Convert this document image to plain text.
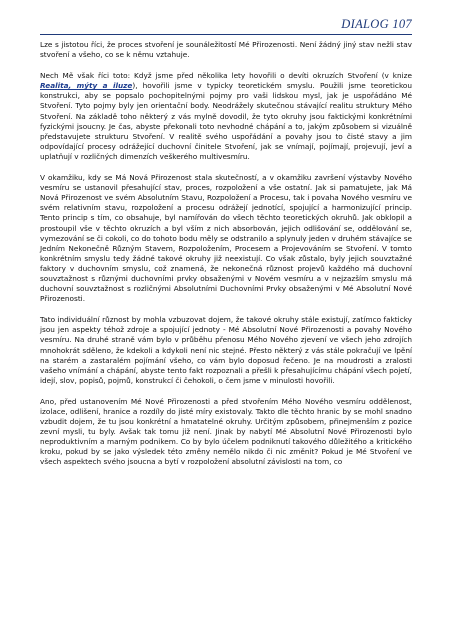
DIALOG 107

Lze s jistotou říci, že proces stvoření je sounáležitostí Mé Přirozenosti. Není žádný jiný stav nežli stav stvoření a všeho, co se k němu vztahuje.

Nech Mě však říci toto: Když jsme před několika lety hovořili o devíti okruzích Stvoření (v knize Realita, mýty a iluze), hovořili jsme v typicky teoretickém smyslu. Použili jsme teoretickou konstrukci, aby se popsalo pochopitelnými pojmy pro vaši lidskou mysl, jak je uspořádáno Mé Stvoření. Tyto pojmy byly jen orientační body. Neodrážely skutečnou stávající realitu struktury Mého Stvoření. Na základě toho některý z vás mylně dovodil, že tyto okruhy jsou faktickými konkrétními fyzickými jsoucny. Je čas, abyste překonali toto nevhodné chápání a to, jakým způsobem si vizuálně představujete strukturu Stvoření. V realitě svého uspořádání a povahy jsou to čisté stavy a jim odpovídající procesy odrážející duchovní činitele Stvoření, jak se vnímají, pojímají, projevují, jeví a uplatňují v rozličných dimenzích veškerého multivesmíru.

V okamžiku, kdy se Má Nová Přirozenost stala skutečností, a v okamžiku završení výstavby Nového vesmíru se ustanovil přesahující stav, proces, rozpoložení a vše ostatní. Jak si pamatujete, jak Má Nová Přirozenost ve svém Absolutním Stavu, Rozpoložení a Procesu, tak i povaha Nového vesmíru ve svém relativním stavu, rozpoložení a procesu odrážejí jednotící, spojující a harmonizující princip. Tento princip s tím, co obsahuje, byl namířován do všech těchto teoretických okruhů. Jak obklopil a prostoupil vše v těchto okruzích a byl vším z nich absorbován, jejich odlišování se, oddělování se, vymezování se či cokoli, co do tohoto bodu měly se odstranilo a splynuly jeden v druhém stávajíce se Jedním Nekonečně Různým Stavem, Rozpoložením, Procesem a Projevováním se Stvoření. V tomto konkrétním smyslu tedy žádné takové okruhy již neexistují. Co však zůstalo, byly jejich souvztažné faktory v duchovním smyslu, což znamená, že nekonečná různost projevů každého má duchovní souvztažnost s různými duchovními prvky obsaženými v Novém vesmíru a v nejzazším smyslu má duchovní souvztažnost s rozličnými Absolutními Duchovními Prvky obsaženými v Mé Absolutní Nové Přirozenosti.

Tato individuální různost by mohla vzbuzovat dojem, že takové okruhy stále existují, zatímco fakticky jsou jen aspekty téhož zdroje a spojující jednoty - Mé Absolutní Nové Přirozenosti a povahy Nového vesmíru. Na druhé straně vám bylo v průběhu přenosu Mého Nového zjevení ve všech jeho zdrojích mnohokrát sděleno, že kdekoli a kdykoli není nic stejné. Přesto některý z vás stále pokračují ve lpění na starém a zastaralém pojímání všeho, co vám bylo doposud řečeno. Je na moudrosti a zralosti vašeho vnímání a chápání, abyste tento fakt rozpoznali a přešli k přesahujícímu chápání všech pojetí, idejí, slov, popisů, pojmů, konstrukcí či čehokoli, o čem jsme v minulosti hovořili.

Ano, před ustanovením Mé Nové Přirozenosti a před stvořením Mého Nového vesmíru oddělenost, izolace, odlišení, hranice a rozdíly do jisté míry existovaly. Takto dle těchto hranic by se mohl snadno vzbudit dojem, že tu jsou konkrétní a hmatatelné okruhy. Určitým způsobem, přinejmenším z pozice zevní mysli, tu byly. Avšak tak tomu již není. Jinak by nabytí Mé Absolutní Nové Přirozenosti bylo neproduktivním a marným podnikem. Co by bylo účelem podniknutí takového důležitého a kritického kroku, pokud by se jako výsledek této změny nemělo nikdo či nic změnit? Pokud je Mé Stvoření ve všech aspektech svého jsoucna a bytí v rozpoložení absolutní závislosti na tom, co
